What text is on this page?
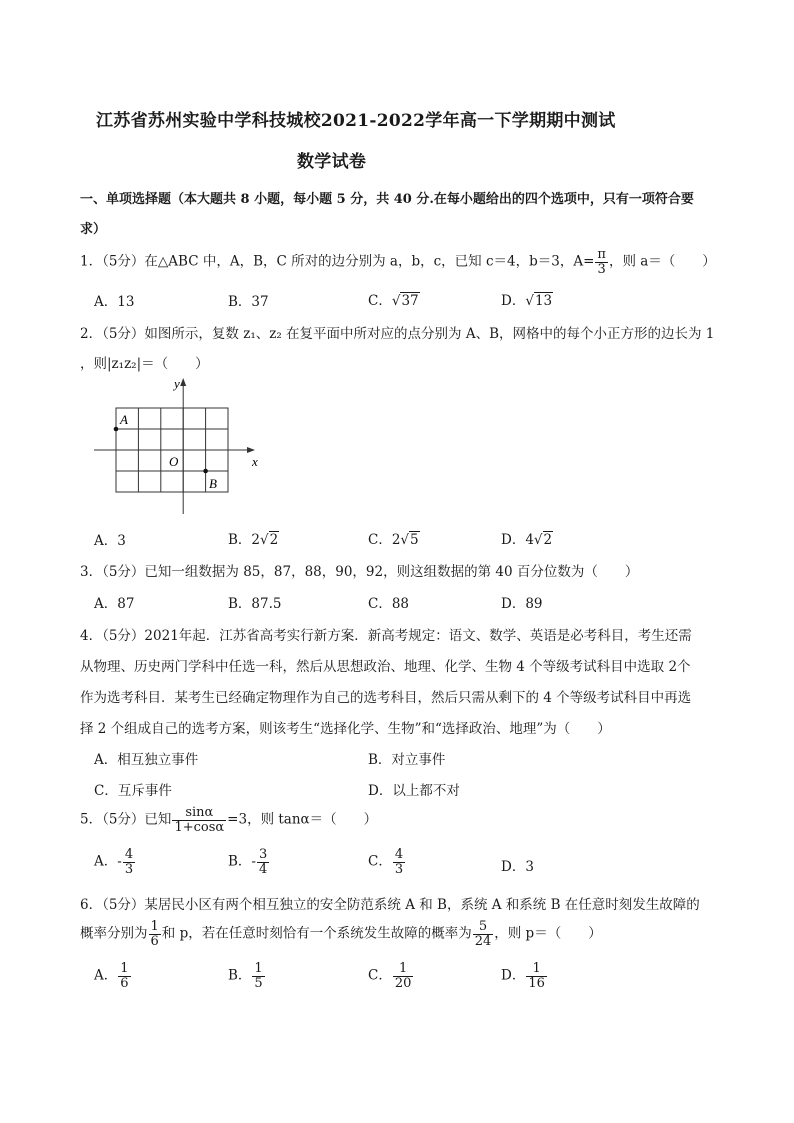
江苏省苏州实验中学科技城校2021-2022学年高一下学期期中测试
数学试卷
一、单项选择题（本大题共 8 小题，每小题 5 分，共 40 分.在每小题给出的四个选项中，只有一项符合要
求）
1．（5分）在△ABC 中，A，B，C 所对的边分别为 a，b，c，已知 c＝4，b＝3，$A= \frac{\pi}{3}$ ，则 a＝（　　）
A．13	B．37	C．√37	D．√13
2．（5分）如图所示，复数 z₁、z₂ 在复平面中所对应的点分别为 A、B，网格中的每个小正方形的边长为 1
，则|z₁z₂|＝（　　）
y
x
O
A
B
A．3	B．2√2	C．2√5	D．4√2
3．（5分）已知一组数据为 85，87，88，90，92，则这组数据的第 40 百分位数为（　　）
A．87	B．87.5	C．88	D．89
4．（5分）2021年起．江苏省高考实行新方案．新高考规定：语文、数学、英语是必考科目，考生还需
从物理、历史两门学科中任选一科，然后从思想政治、地理、化学、生物 4 个等级考试科目中选取 2个
作为选考科目．某考生已经确定物理作为自己的选考科目，然后只需从剩下的 4 个等级考试科目中再选
择 2 个组成自己的选考方案，则该考生“选择化学、生物”和“选择政治、地理”为（　　）
A．相互独立事件	B．对立事件
C．互斥事件	D．以上都不对
5．（5分）已知 $\frac{\sin\alpha}{1+\cos\alpha} =3$，则 tanα＝（　　）
A．- $\frac{4}{3}$	B．- $\frac{3}{4}$	C． $\frac{4}{3}$	D．3
6．（5分）某居民小区有两个相互独立的安全防范系统 A 和 B，系统 A 和系统 B 在任意时刻发生故障的
概率分别为 $\frac{1}{6}$ 和 p，若在任意时刻恰有一个系统发生故障的概率为 $\frac{5}{24}$ ，则 p＝（　　）
A． $\frac{1}{6}$	B． $\frac{1}{5}$	C． $\frac{1}{20}$	D． $\frac{1}{16}$
